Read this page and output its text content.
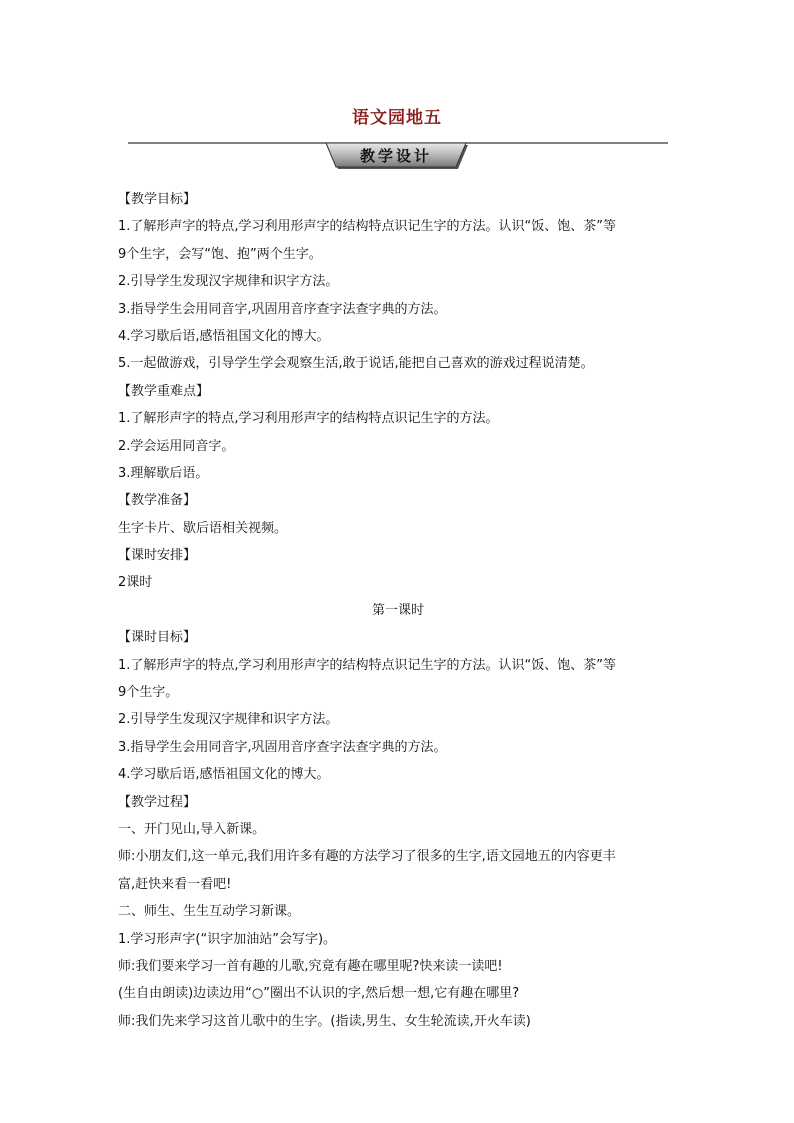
语文园地五
教学设计
【教学目标】
1.了解形声字的特点,学习利用形声字的结构特点识记生字的方法。认识“饭、饱、茶”等
9个生字，会写“饱、抱”两个生字。
2.引导学生发现汉字规律和识字方法。
3.指导学生会用同音字,巩固用音序查字法查字典的方法。
4.学习歇后语,感悟祖国文化的博大。
5.一起做游戏，引导学生学会观察生活,敢于说话,能把自己喜欢的游戏过程说清楚。
【教学重难点】
1.了解形声字的特点,学习利用形声字的结构特点识记生字的方法。
2.学会运用同音字。
3.理解歇后语。
【教学准备】
生字卡片、歇后语相关视频。
【课时安排】
2课时
第一课时
【课时目标】
1.了解形声字的特点,学习利用形声字的结构特点识记生字的方法。认识“饭、饱、茶”等
9个生字。
2.引导学生发现汉字规律和识字方法。
3.指导学生会用同音字,巩固用音序查字法查字典的方法。
4.学习歇后语,感悟祖国文化的博大。
【教学过程】
一、开门见山,导入新课。
师:小朋友们,这一单元,我们用许多有趣的方法学习了很多的生字,语文园地五的内容更丰
富,赶快来看一看吧!
二、师生、生生互动学习新课。
1.学习形声字(“识字加油站”会写字)。
师:我们要来学习一首有趣的儿歌,究竟有趣在哪里呢?快来读一读吧!
(生自由朗读)边读边用“○”圈出不认识的字,然后想一想,它有趣在哪里?
师:我们先来学习这首儿歌中的生字。(指读,男生、女生轮流读,开火车读)
